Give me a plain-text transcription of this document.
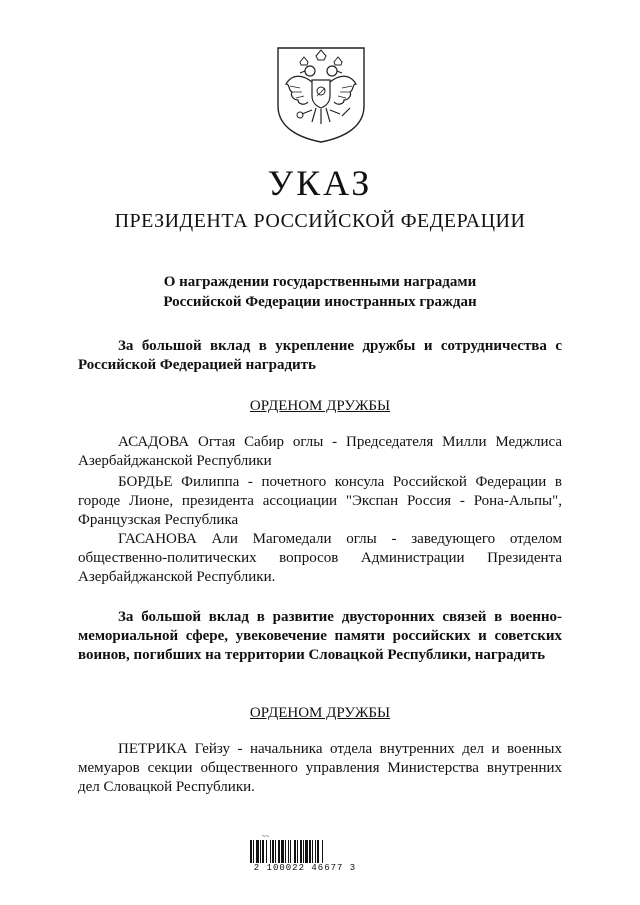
УКАЗ
ПРЕЗИДЕНТА РОССИЙСКОЙ ФЕДЕРАЦИИ
О награждении государственными наградами
Российской Федерации иностранных граждан
За большой вклад в укрепление дружбы и сотрудничества с Российской Федерацией наградить
ОРДЕНОМ ДРУЖБЫ
АСАДОВА Огтая Сабир оглы - Председателя Милли Меджлиса Азербайджанской Республики
БОРДЬЕ Филиппа - почетного консула Российской Федерации в городе Лионе, президента ассоциации "Экспан Россия - Рона-Альпы", Французская Республика
ГАСАНОВА Али Магомедали оглы - заведующего отделом общественно-политических вопросов Администрации Президента Азербайджанской Республики.
За большой вклад в развитие двусторонних связей в военно-мемориальной сфере, увековечение памяти российских и советских воинов, погибших на территории Словацкой Республики, наградить
ОРДЕНОМ ДРУЖБЫ
ПЕТРИКА Гейзу - начальника отдела внутренних дел и военных мемуаров секции общественного управления Министерства внутренних дел Словацкой Республики.
~~
2 100022 46677 3
